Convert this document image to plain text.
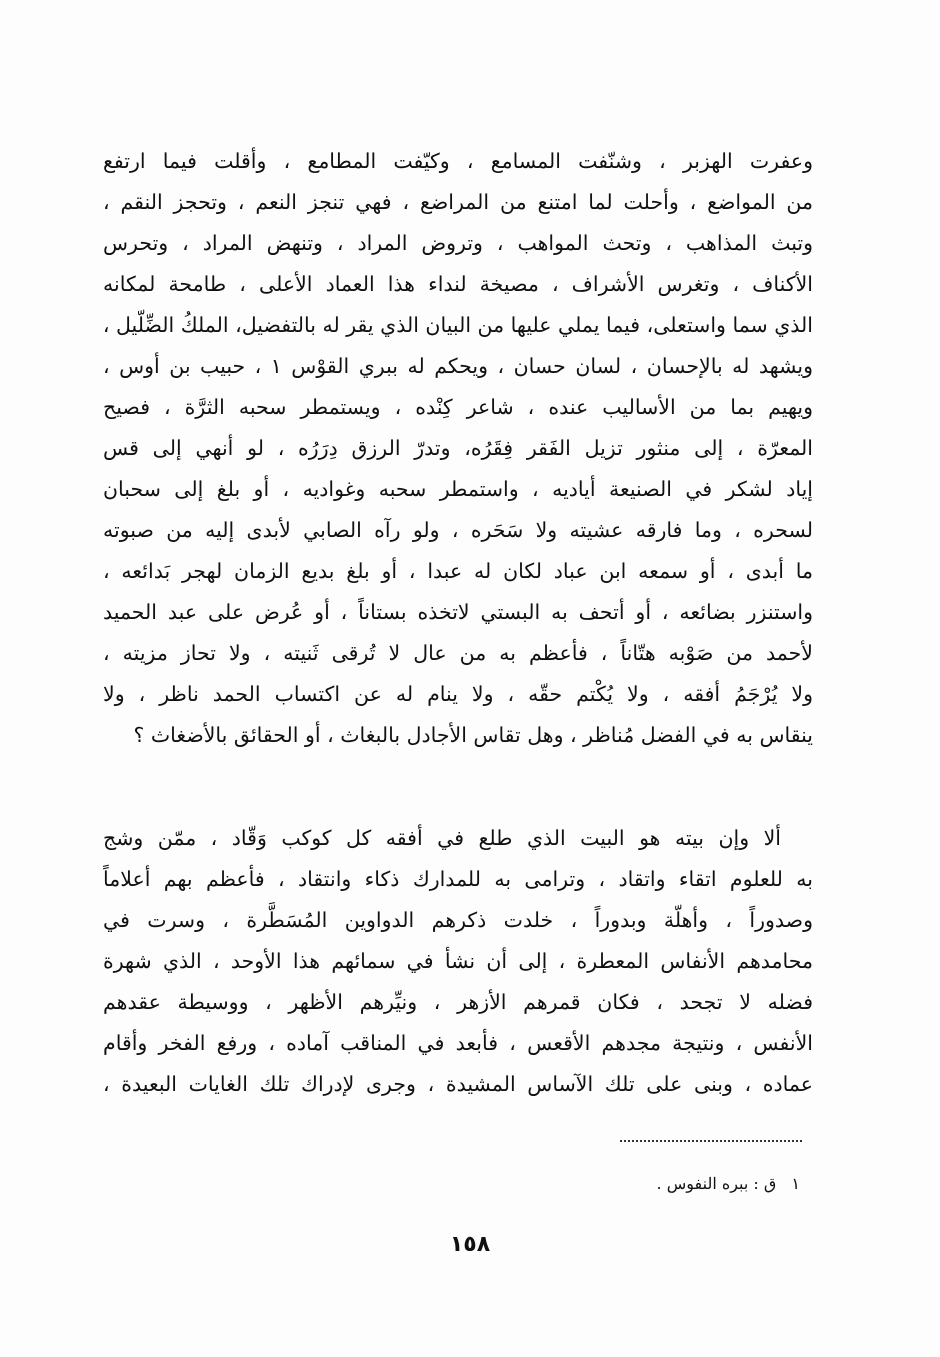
وعفرت الهزبر ، وشنّفت المسامع ، وكيّفت المطامع ، وأقلت فيما ارتفع
من المواضع ، وأحلت لما امتنع من المراضع ، فهي تنجز النعم ، وتحجز النقم ،
وتبث المذاهب ، وتحث المواهب ، وتروض المراد ، وتنهض المراد ، وتحرس
الأكناف ، وتغرس الأشراف ، مصيخة لنداء هذا العماد الأعلى ، طامحة لمكانه
الذي سما واستعلى، فيما يملي عليها من البيان الذي يقر له بالتفضيل، الملكُ الضِّلّيل ،
ويشهد له بالإحسان ، لسان حسان ، ويحكم له ببري القوْس ١ ، حبيب بن أوس ،
ويهيم بما من الأساليب عنده ، شاعر كِنْده ، ويستمطر سحبه الثرَّة ، فصيح
المعرّة ، إلى منثور تزيل الفَقر فِقَرُه، وتدرّ الرزق دِرَرُه ، لو أنهي إلى قس
إياد لشكر في الصنيعة أياديه ، واستمطر سحبه وغواديه ، أو بلغ إلى سحبان
لسحره ، وما فارقه عشيته ولا سَحَره ، ولو رآه الصابي لأبدى إليه من صبوته
ما أبدى ، أو سمعه ابن عباد لكان له عبدا ، أو بلغ بديع الزمان لهجر بَدائعه ،
واستنزر بضائعه ، أو أتحف به البستي لاتخذه بستاناً ، أو عُرض على عبد الحميد
لأحمد من صَوْبه هتّاناً ، فأعظم به من عال لا تُرقى ثَنيته ، ولا تحاز مزيته ،
ولا يُرْجَمُ أفقه ، ولا يُكْتم حقّه ، ولا ينام له عن اكتساب الحمد ناظر ، ولا
ينقاس به في الفضل مُناظر ، وهل تقاس الأجادل بالبغاث ، أو الحقائق بالأضغاث ؟
ألا وإن بيته هو البيت الذي طلع في أفقه كل كوكب وَقّاد ، ممّن وشج
به للعلوم اتقاء واتقاد ، وترامى به للمدارك ذكاء وانتقاد ، فأعظم بهم أعلاماً
وصدوراً ، وأهلّة وبدوراً ، خلدت ذكرهم الدواوين المُسَطَّرة ، وسرت في
محامدهم الأنفاس المعطرة ، إلى أن نشأ في سمائهم هذا الأوحد ، الذي شهرة
فضله لا تجحد ، فكان قمرهم الأزهر ، ونيِّرهم الأظهر ، ووسيطة عقدهم
الأنفس ، ونتيجة مجدهم الأقعس ، فأبعد في المناقب آماده ، ورفع الفخر وأقام
عماده ، وبنى على تلك الآساس المشيدة ، وجرى لإدراك تلك الغايات البعيدة ،
١ ق : ببره النفوس .
١٥٨
